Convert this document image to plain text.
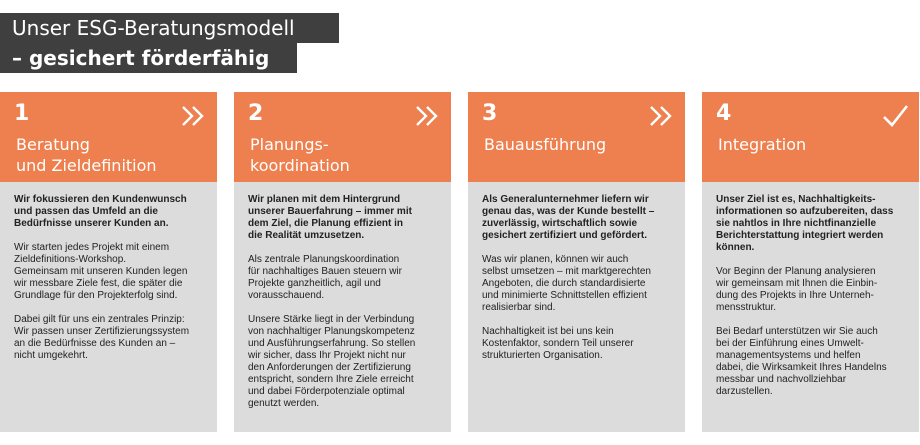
Unser ESG-Beratungsmodell
– gesichert förderfähig
1
Beratung
und Zieldefinition

Wir fokussieren den Kundenwunsch
und passen das Umfeld an die
Bedürfnisse unserer Kunden an.

Wir starten jedes Projekt mit einem
Zieldefinitions-Workshop.
Gemeinsam mit unseren Kunden legen
wir messbare Ziele fest, die später die
Grundlage für den Projekterfolg sind.

Dabei gilt für uns ein zentrales Prinzip:
Wir passen unser Zertifizierungssystem
an die Bedürfnisse des Kunden an –
nicht umgekehrt.

2
Planungs-
koordination

Wir planen mit dem Hintergrund
unserer Bauerfahrung – immer mit
dem Ziel, die Planung effizient in
die Realität umzusetzen.

Als zentrale Planungskoordination
für nachhaltiges Bauen steuern wir
Projekte ganzheitlich, agil und
vorausschauend.

Unsere Stärke liegt in der Verbindung
von nachhaltiger Planungskompetenz
und Ausführungserfahrung. So stellen
wir sicher, dass Ihr Projekt nicht nur
den Anforderungen der Zertifizierung
entspricht, sondern Ihre Ziele erreicht
und dabei Förderpotenziale optimal
genutzt werden.

3
Bauausführung

Als Generalunternehmer liefern wir
genau das, was der Kunde bestellt –
zuverlässig, wirtschaftlich sowie
gesichert zertifiziert und gefördert.

Was wir planen, können wir auch
selbst umsetzen – mit marktgerechten
Angeboten, die durch standardisierte
und minimierte Schnittstellen effizient
realisierbar sind.

Nachhaltigkeit ist bei uns kein
Kostenfaktor, sondern Teil unserer
strukturierten Organisation.

4
Integration

Unser Ziel ist es, Nachhaltigkeits-
informationen so aufzubereiten, dass
sie nahtlos in Ihre nichtfinanzielle
Berichterstattung integriert werden
können.

Vor Beginn der Planung analysieren
wir gemeinsam mit Ihnen die Einbin-
dung des Projekts in Ihre Unterneh-
mensstruktur.

Bei Bedarf unterstützen wir Sie auch
bei der Einführung eines Umwelt-
managementsystems und helfen
dabei, die Wirksamkeit Ihres Handelns
messbar und nachvollziehbar
darzustellen.
